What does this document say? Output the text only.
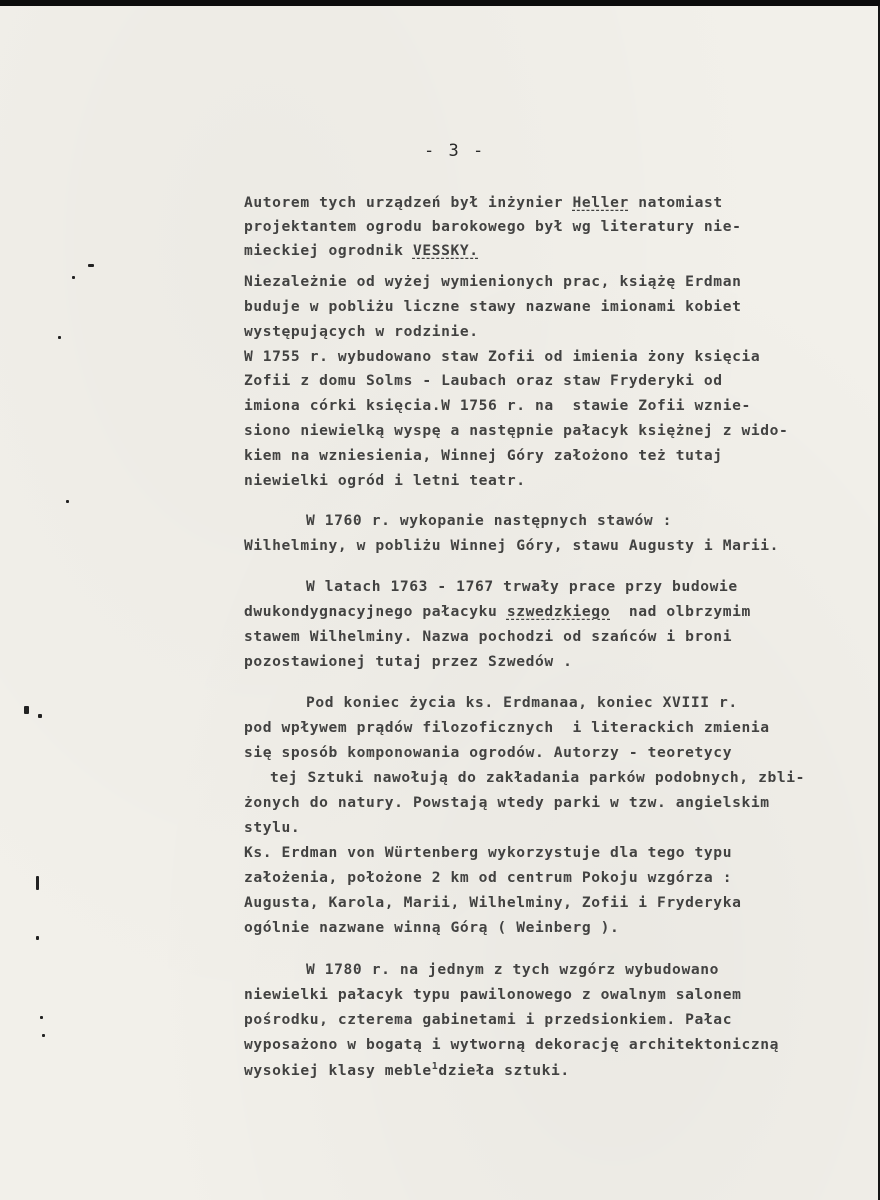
- 3 -
Autorem tych urządzeń był inżynier Heller natomiast
projektantem ogrodu barokowego był wg literatury nie-
mieckiej ogrodnik VESSKY.
Niezależnie od wyżej wymienionych prac, książę Erdman
buduje w pobliżu liczne stawy nazwane imionami kobiet
występujących w rodzinie.
W 1755 r. wybudowano staw Zofii od imienia żony księcia
Zofii z domu Solms - Laubach oraz staw Fryderyki od
imiona córki księcia.W 1756 r. na  stawie Zofii wznie-
siono niewielką wyspę a następnie pałacyk księżnej z wido-
kiem na wzniesienia, Winnej Góry założono też tutaj
niewielki ogród i letni teatr.
W 1760 r. wykopanie następnych stawów :
Wilhelminy, w pobliżu Winnej Góry, stawu Augusty i Marii.
W latach 1763 - 1767 trwały prace przy budowie
dwukondygnacyjnego pałacyku szwedzkiego  nad olbrzymim
stawem Wilhelminy. Nazwa pochodzi od szańców i broni
pozostawionej tutaj przez Szwedów .
Pod koniec życia ks. Erdmanaa, koniec XVIII r.
pod wpływem prądów filozoficznych  i literackich zmienia
się sposób komponowania ogrodów. Autorzy - teoretycy
tej Sztuki nawołują do zakładania parków podobnych, zbli-
żonych do natury. Powstają wtedy parki w tzw. angielskim
stylu.
Ks. Erdman von Würtenberg wykorzystuje dla tego typu
założenia, położone 2 km od centrum Pokoju wzgórza :
Augusta, Karola, Marii, Wilhelminy, Zofii i Fryderyka
ogólnie nazwane winną Górą ( Weinberg ).
W 1780 r. na jednym z tych wzgórz wybudowano
niewielki pałacyk typu pawilonowego z owalnym salonem
pośrodku, czterema gabinetami i przedsionkiem. Pałac
wyposażono w bogatą i wytworną dekorację architektoniczną
wysokiej klasy meble$^1$dzieła sztuki.
